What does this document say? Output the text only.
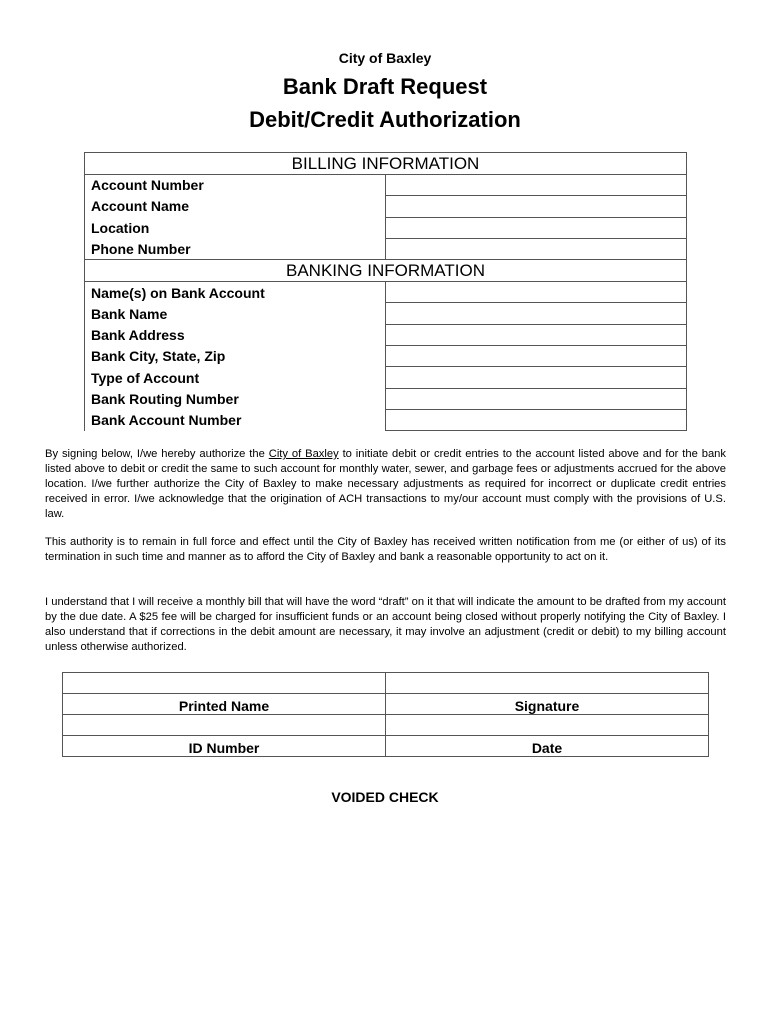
City of Baxley
Bank Draft Request
Debit/Credit Authorization
BILLING INFORMATION	
Account Number	
Account Name	
Location	
Phone Number	
BANKING INFORMATION	
Name(s) on Bank Account	
Bank Name	
Bank Address	
Bank City, State, Zip	
Type of Account	
Bank Routing Number	
Bank Account Number	
By signing below, I/we hereby authorize the City of Baxley to initiate debit or credit entries to the account listed above and for the bank listed above to debit or credit the same to such account for monthly water, sewer, and garbage fees or adjustments accrued for the above location. I/we further authorize the City of Baxley to make necessary adjustments as required for incorrect or duplicate credit entries received in error. I/we acknowledge that the origination of ACH transactions to my/our account must comply with the provisions of U.S. law.
This authority is to remain in full force and effect until the City of Baxley has received written notification from me (or either of us) of its termination in such time and manner as to afford the City of Baxley and bank a reasonable opportunity to act on it.
I understand that I will receive a monthly bill that will have the word “draft” on it that will indicate the amount to be drafted from my account by the due date. A $25 fee will be charged for insufficient funds or an account being closed without properly notifying the City of Baxley. I also understand that if corrections in the debit amount are necessary, it may involve an adjustment (credit or debit) to my billing account unless otherwise authorized.

Printed Name	Signature

ID Number	Date
VOIDED CHECK
